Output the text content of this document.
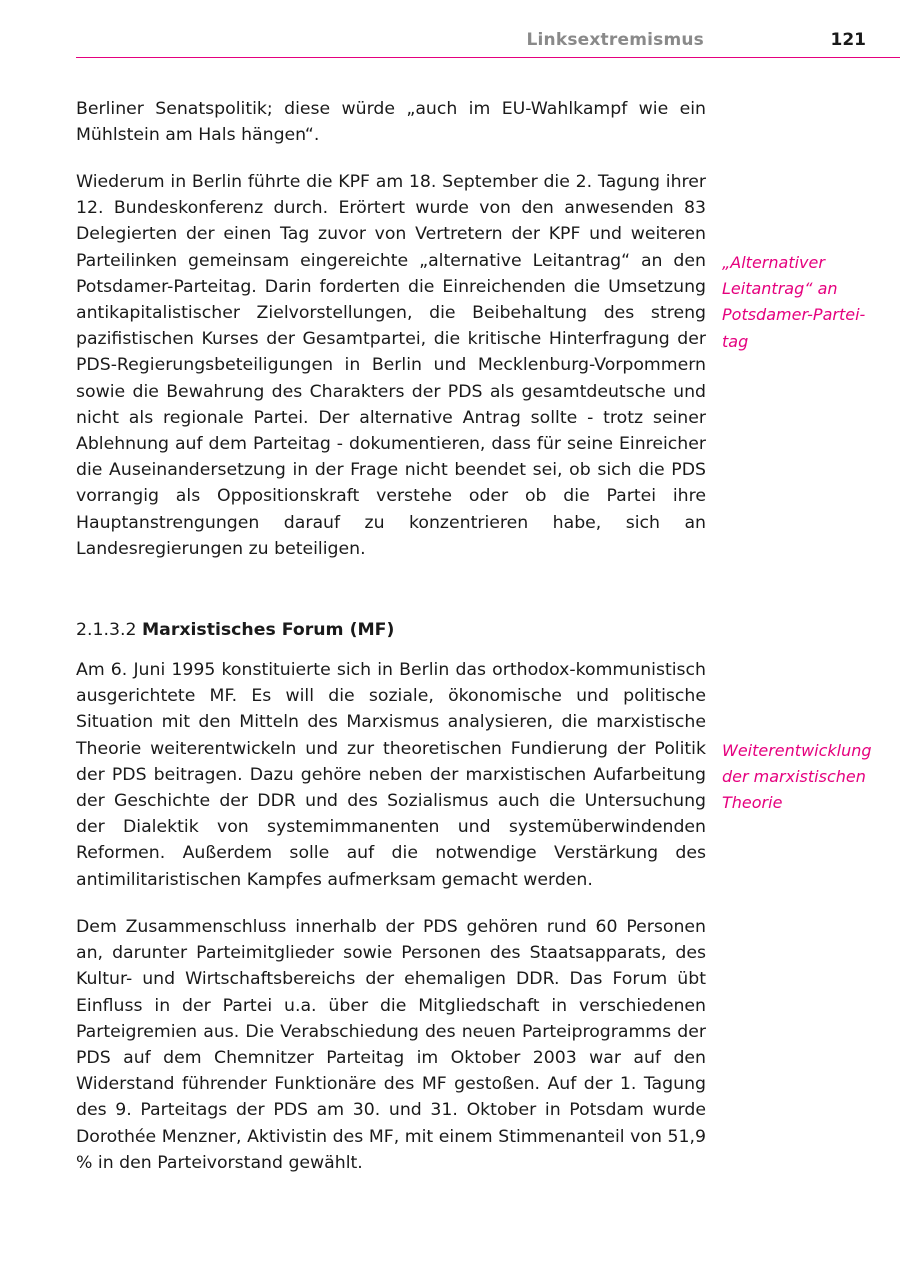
Linksextremismus	121

Berliner Senatspolitik; diese würde „auch im EU-Wahlkampf wie ein Mühlstein am Hals hängen“.

Wiederum in Berlin führte die KPF am 18. September die 2. Tagung ihrer 12. Bundeskonferenz durch. Erörtert wurde von den anwesenden 83 Delegierten der einen Tag zuvor von Vertretern der KPF und weiteren Parteilinken gemeinsam eingereichte „alternative Leitantrag“ an den Potsdamer-Parteitag. Darin forderten die Einreichenden die Umsetzung antikapitalistischer Zielvorstellungen, die Beibehaltung des streng pazifistischen Kurses der Gesamtpartei, die kritische Hinterfragung der PDS-Regierungsbeteiligungen in Berlin und Mecklenburg-Vorpommern sowie die Bewahrung des Charakters der PDS als gesamtdeutsche und nicht als regionale Partei. Der alternative Antrag sollte - trotz seiner Ablehnung auf dem Parteitag - dokumentieren, dass für seine Einreicher die Auseinandersetzung in der Frage nicht beendet sei, ob sich die PDS vorrangig als Oppositionskraft verstehe oder ob die Partei ihre Hauptanstrengungen darauf zu konzentrieren habe, sich an Landesregierungen zu beteiligen.

„Alternativer
Leitantrag“ an
Potsdamer-Partei-
tag
2.1.3.2 Marxistisches Forum (MF)

Am 6. Juni 1995 konstituierte sich in Berlin das orthodox-kommunistisch ausgerichtete MF. Es will die soziale, ökonomische und politische Situation mit den Mitteln des Marxismus analysieren, die marxistische Theorie weiterentwickeln und zur theoretischen Fundierung der Politik der PDS beitragen. Dazu gehöre neben der marxistischen Aufarbeitung der Geschichte der DDR und des Sozialismus auch die Untersuchung der Dialektik von systemimmanenten und systemüberwindenden Reformen. Außerdem solle auf die notwendige Verstärkung des antimilitaristischen Kampfes aufmerksam gemacht werden.

Weiterentwicklung
der marxistischen
Theorie

Dem Zusammenschluss innerhalb der PDS gehören rund 60 Personen an, darunter Parteimitglieder sowie Personen des Staatsapparats, des Kultur- und Wirtschaftsbereichs der ehemaligen DDR. Das Forum übt Einfluss in der Partei u.a. über die Mitgliedschaft in verschiedenen Parteigremien aus. Die Verabschiedung des neuen Parteiprogramms der PDS auf dem Chemnitzer Parteitag im Oktober 2003 war auf den Widerstand führender Funktionäre des MF gestoßen. Auf der 1. Tagung des 9. Parteitags der PDS am 30. und 31. Oktober in Potsdam wurde Dorothée Menzner, Aktivistin des MF, mit einem Stimmenanteil von 51,9 % in den Parteivorstand gewählt.
